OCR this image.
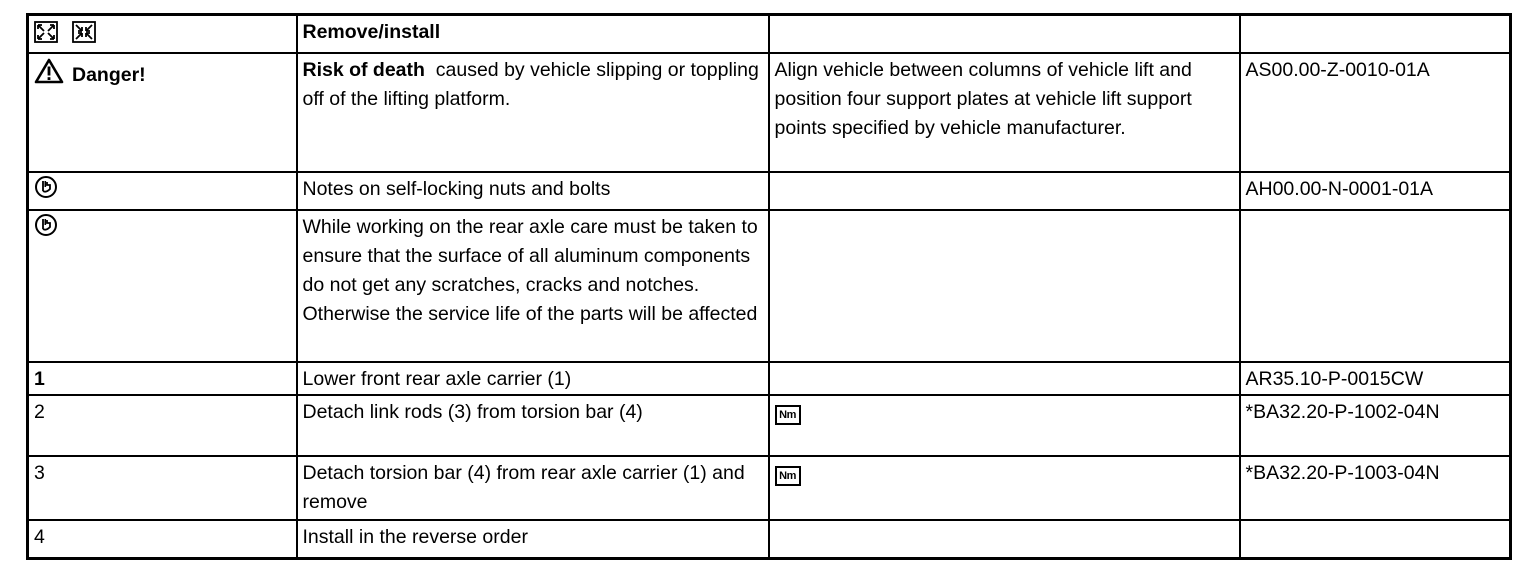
	Remove/install		

Danger!	Risk of death  caused by vehicle slipping or toppling off of the lifting platform.	Align vehicle between columns of vehicle lift and position four support plates at vehicle lift support points specified by vehicle manufacturer.	AS00.00-Z-0010-01A
	Notes on self-locking nuts and bolts		AH00.00-N-0001-01A
	While working on the rear axle care must be taken to ensure that the surface of all aluminum components do not get any scratches, cracks and notches. Otherwise the service life of the parts will be affected		
1	Lower front rear axle carrier (1)		AR35.10-P-0015CW
2	Detach link rods (3) from torsion bar (4)	Nm	*BA32.20-P-1002-04N
3	Detach torsion bar (4) from rear axle carrier (1) and remove	Nm	*BA32.20-P-1003-04N
4	Install in the reverse order		
